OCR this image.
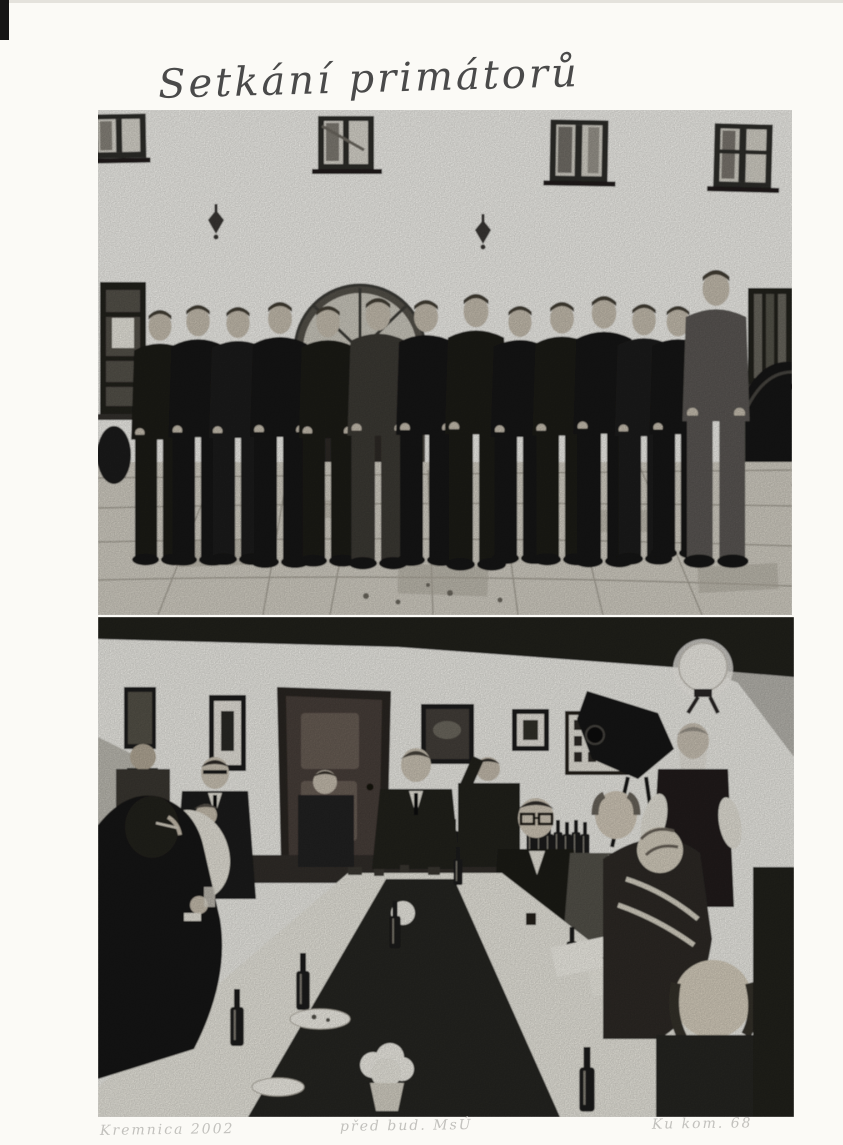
Setkání primátorů
Kremnica 2002	před bud. MsÚ	Ku kom. 68
